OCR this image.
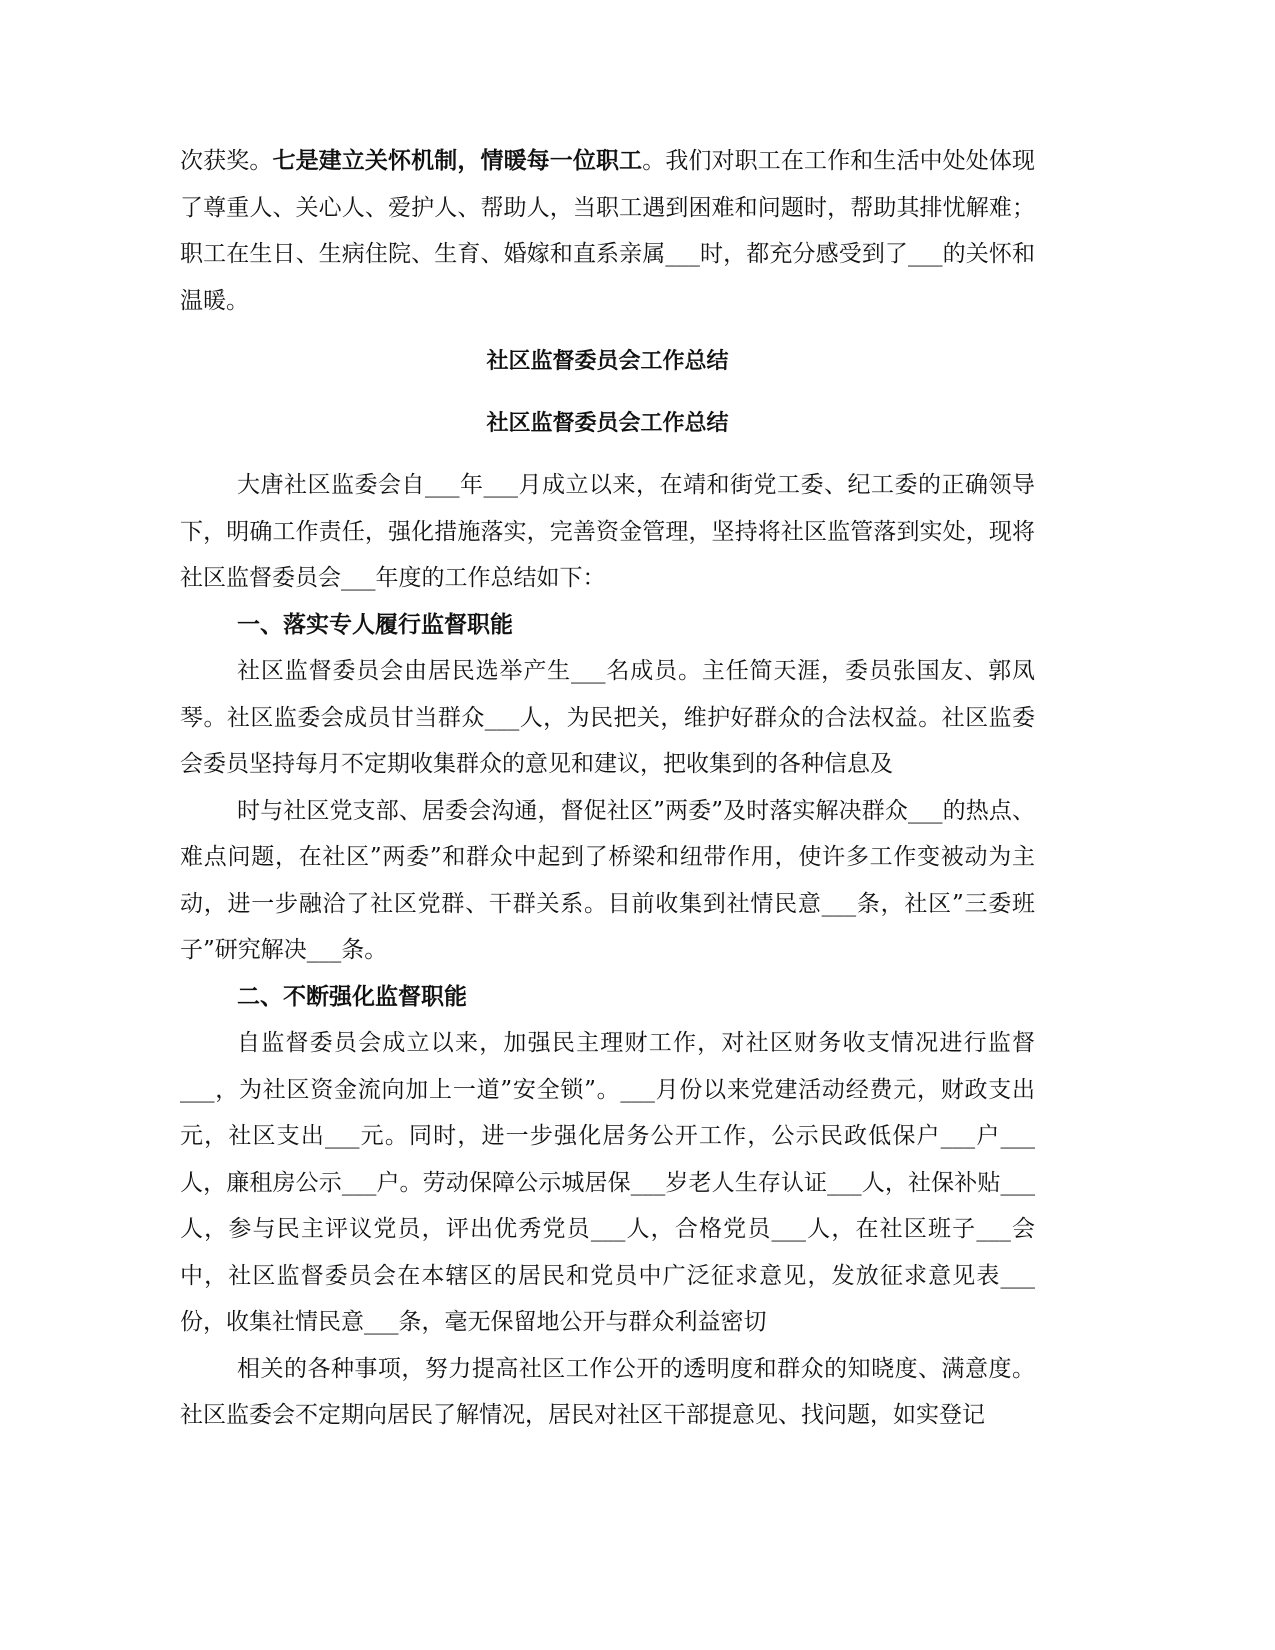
次获奖。七是建立关怀机制，情暖每一位职工。我们对职工在工作和生活中处处体现了尊重人、关心人、爱护人、帮助人，当职工遇到困难和问题时，帮助其排忧解难；职工在生日、生病住院、生育、婚嫁和直系亲属___时，都充分感受到了___的关怀和温暖。

社区监督委员会工作总结

社区监督委员会工作总结

大唐社区监委会自___年___月成立以来，在靖和街党工委、纪工委的正确领导下，明确工作责任，强化措施落实，完善资金管理，坚持将社区监管落到实处，现将社区监督委员会___年度的工作总结如下：

一、落实专人履行监督职能

社区监督委员会由居民选举产生___名成员。主任简天涯，委员张国友、郭凤琴。社区监委会成员甘当群众___人，为民把关，维护好群众的合法权益。社区监委会委员坚持每月不定期收集群众的意见和建议，把收集到的各种信息及

时与社区党支部、居委会沟通，督促社区”两委”及时落实解决群众___的热点、难点问题，在社区”两委”和群众中起到了桥梁和纽带作用，使许多工作变被动为主动，进一步融洽了社区党群、干群关系。目前收集到社情民意___条，社区”三委班子”研究解决___条。

二、不断强化监督职能

自监督委员会成立以来，加强民主理财工作，对社区财务收支情况进行监督___，为社区资金流向加上一道”安全锁”。___月份以来党建活动经费元，财政支出元，社区支出___元。同时，进一步强化居务公开工作，公示民政低保户___户___人，廉租房公示___户。劳动保障公示城居保___岁老人生存认证___人，社保补贴___人，参与民主评议党员，评出优秀党员___人，合格党员___人，在社区班子___会中，社区监督委员会在本辖区的居民和党员中广泛征求意见，发放征求意见表___份，收集社情民意___条，毫无保留地公开与群众利益密切

相关的各种事项，努力提高社区工作公开的透明度和群众的知晓度、满意度。社区监委会不定期向居民了解情况，居民对社区干部提意见、找问题，如实登记
